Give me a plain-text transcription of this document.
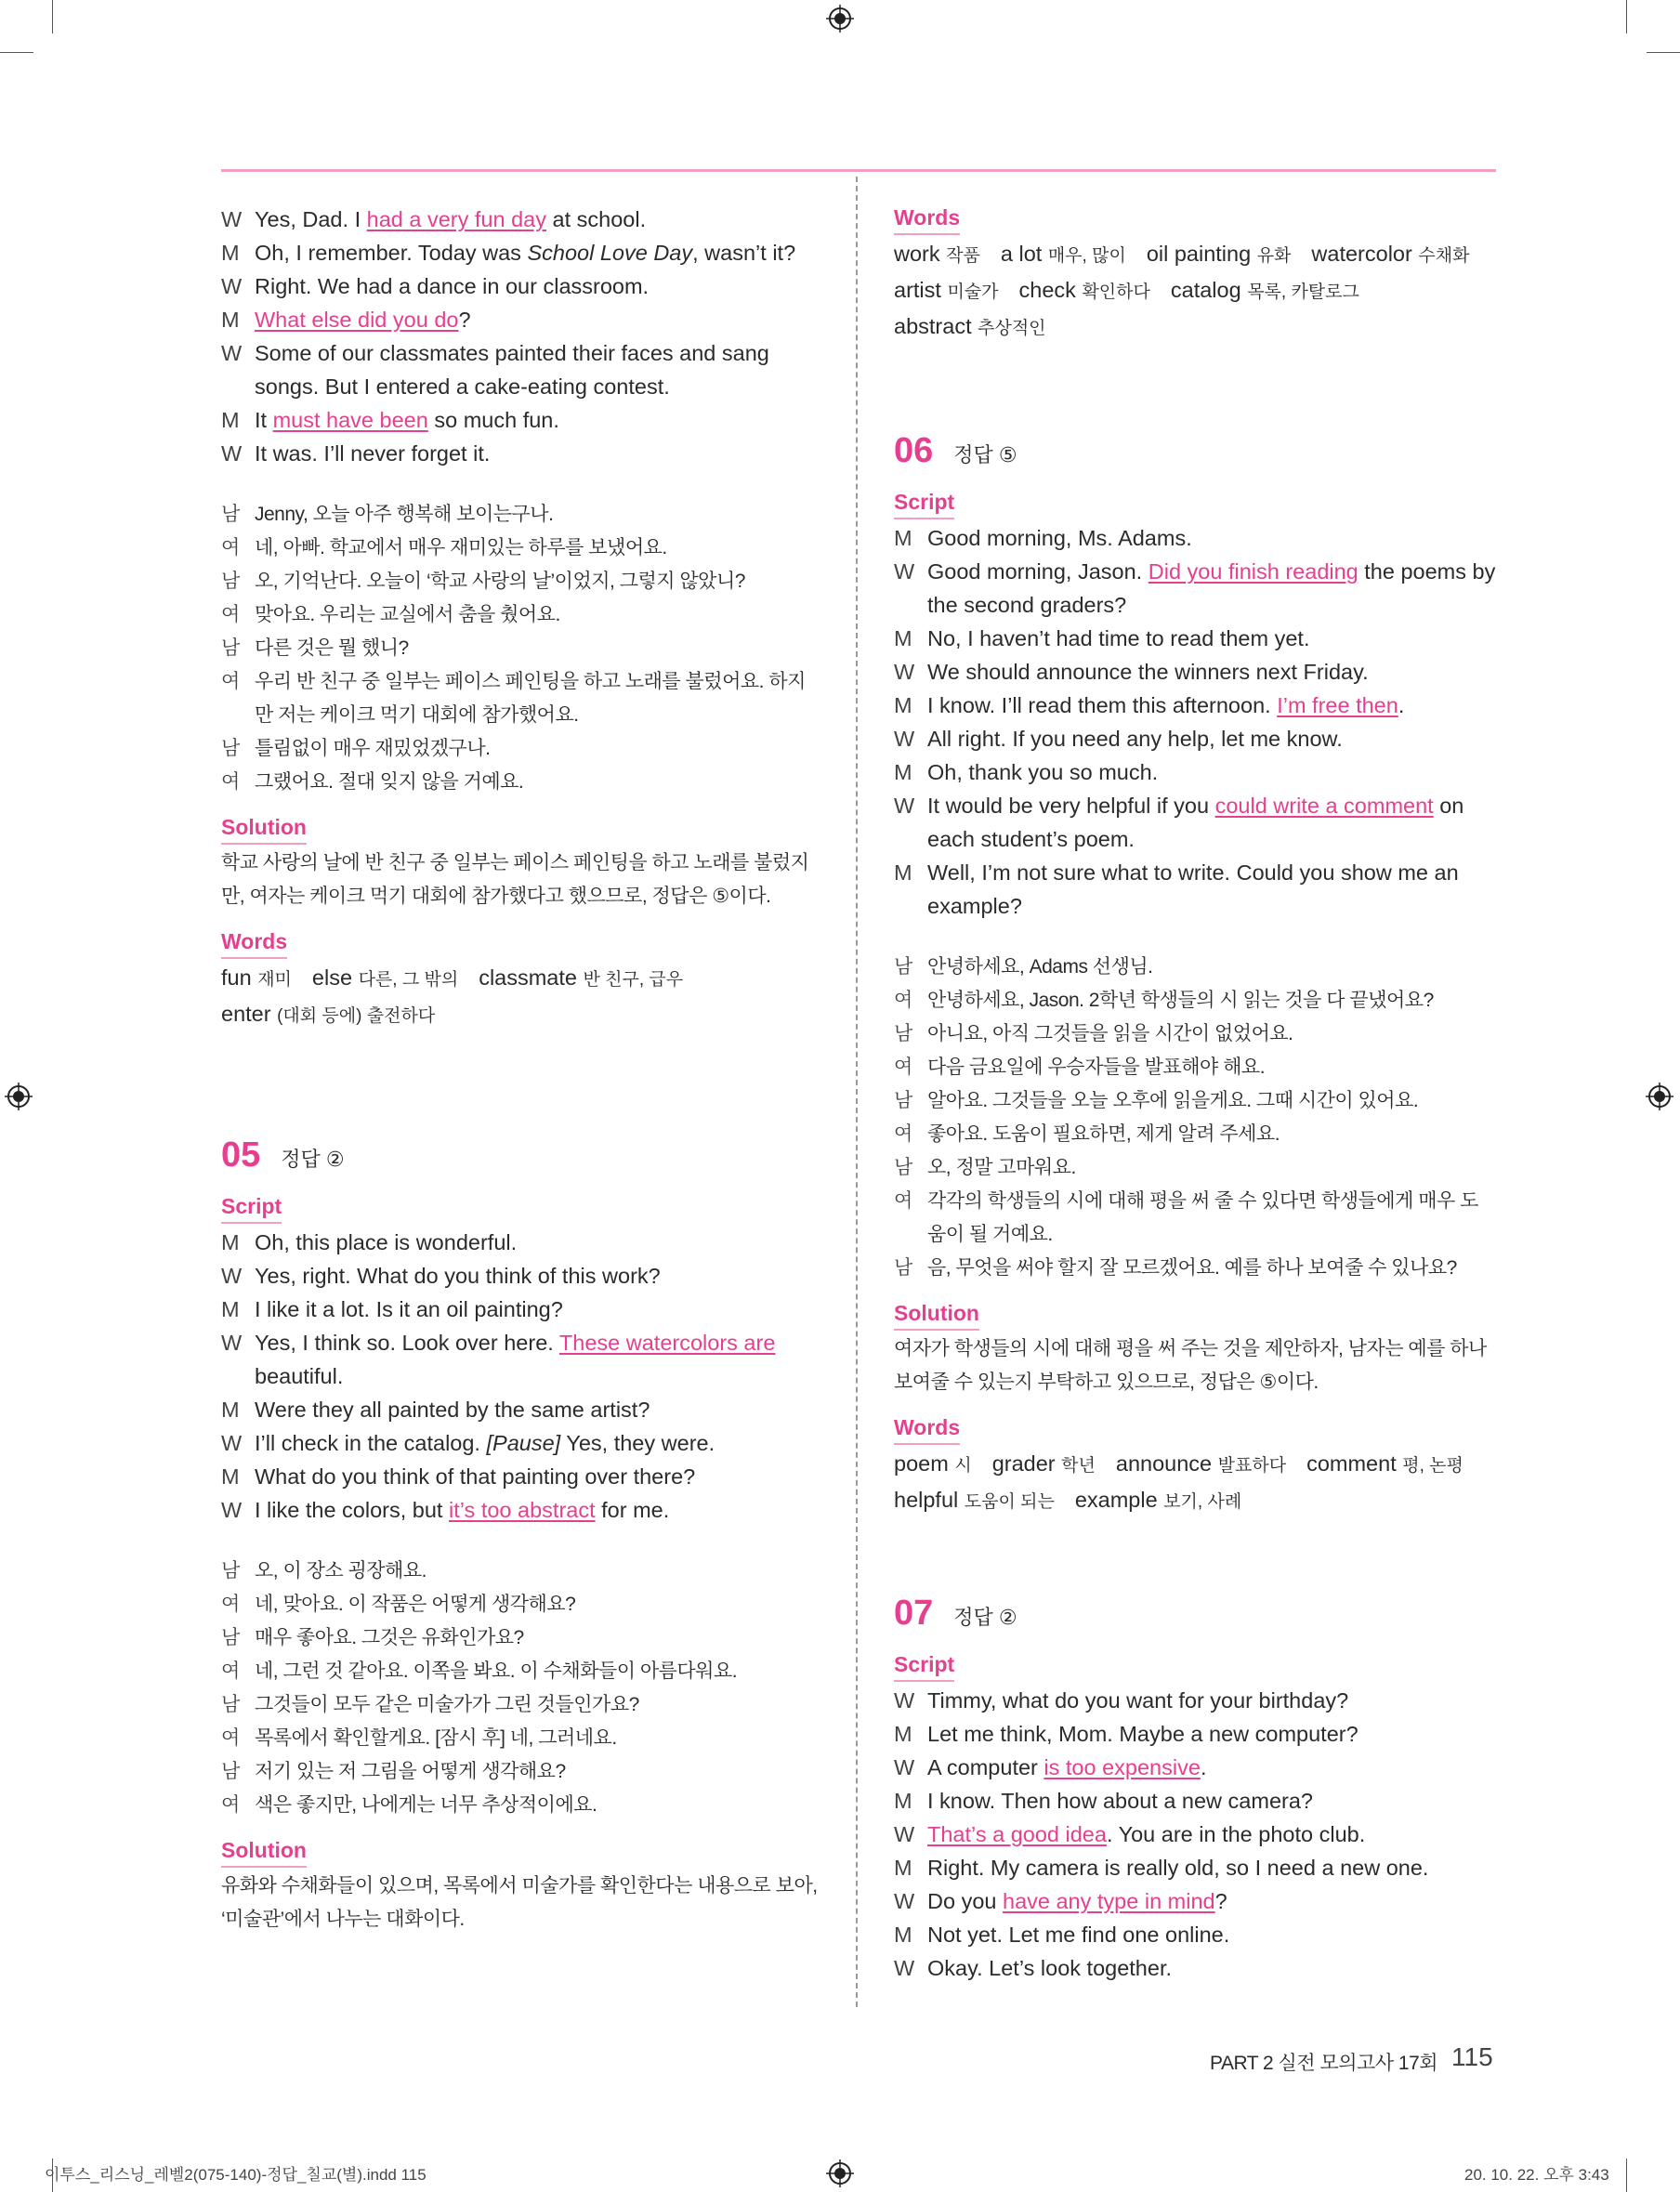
W Yes, Dad. I had a very fun day at school.
M Oh, I remember. Today was School Love Day, wasn’t it?
W Right. We had a dance in our classroom.
M What else did you do?
W Some of our classmates painted their faces and sang songs. But I entered a cake-eating contest.
M It must have been so much fun.
W It was. I’ll never forget it.
남 Jenny, 오늘 아주 행복해 보이는구나.
여 네, 아빠. 학교에서 매우 재미있는 하루를 보냈어요.
남 오, 기억난다. 오늘이 ‘학교 사랑의 날’이었지, 그렇지 않았니?
여 맞아요. 우리는 교실에서 춤을 췄어요.
남 다른 것은 뭘 했니?
여 우리 반 친구 중 일부는 페이스 페인팅을 하고 노래를 불렀어요. 하지만 저는 케이크 먹기 대회에 참가했어요.
남 틀림없이 매우 재밌었겠구나.
여 그랬어요. 절대 잊지 않을 거예요.
Solution
학교 사랑의 날에 반 친구 중 일부는 페이스 페인팅을 하고 노래를 불렀지만, 여자는 케이크 먹기 대회에 참가했다고 했으므로, 정답은 ⑤이다.
Words
fun 재미 else 다른, 그 밖의 classmate 반 친구, 급우
enter (대회 등에) 출전하다
05 정답 ②
Script
M Oh, this place is wonderful.
W Yes, right. What do you think of this work?
M I like it a lot. Is it an oil painting?
W Yes, I think so. Look over here. These watercolors are beautiful.
M Were they all painted by the same artist?
W I’ll check in the catalog. [Pause] Yes, they were.
M What do you think of that painting over there?
W I like the colors, but it’s too abstract for me.
남 오, 이 장소 굉장해요.
여 네, 맞아요. 이 작품은 어떻게 생각해요?
남 매우 좋아요. 그것은 유화인가요?
여 네, 그런 것 같아요. 이쪽을 봐요. 이 수채화들이 아름다워요.
남 그것들이 모두 같은 미술가가 그린 것들인가요?
여 목록에서 확인할게요. [잠시 후] 네, 그러네요.
남 저기 있는 저 그림을 어떻게 생각해요?
여 색은 좋지만, 나에게는 너무 추상적이에요.
Solution
유화와 수채화들이 있으며, 목록에서 미술가를 확인한다는 내용으로 보아, ‘미술관’에서 나누는 대화이다.
Words
work 작품 a lot 매우, 많이 oil painting 유화 watercolor 수채화
artist 미술가 check 확인하다 catalog 목록, 카탈로그
abstract 추상적인
06 정답 ⑤
Script
M Good morning, Ms. Adams.
W Good morning, Jason. Did you finish reading the poems by the second graders?
M No, I haven’t had time to read them yet.
W We should announce the winners next Friday.
M I know. I’ll read them this afternoon. I’m free then.
W All right. If you need any help, let me know.
M Oh, thank you so much.
W It would be very helpful if you could write a comment on each student’s poem.
M Well, I’m not sure what to write. Could you show me an example?
남 안녕하세요, Adams 선생님.
여 안녕하세요, Jason. 2학년 학생들의 시 읽는 것을 다 끝냈어요?
남 아니요, 아직 그것들을 읽을 시간이 없었어요.
여 다음 금요일에 우승자들을 발표해야 해요.
남 알아요. 그것들을 오늘 오후에 읽을게요. 그때 시간이 있어요.
여 좋아요. 도움이 필요하면, 제게 알려 주세요.
남 오, 정말 고마워요.
여 각각의 학생들의 시에 대해 평을 써 줄 수 있다면 학생들에게 매우 도움이 될 거예요.
남 음, 무엇을 써야 할지 잘 모르겠어요. 예를 하나 보여줄 수 있나요?
Solution
여자가 학생들의 시에 대해 평을 써 주는 것을 제안하자, 남자는 예를 하나 보여줄 수 있는지 부탁하고 있으므로, 정답은 ⑤이다.
Words
poem 시 grader 학년 announce 발표하다 comment 평, 논평
helpful 도움이 되는 example 보기, 사례
07 정답 ②
Script
W Timmy, what do you want for your birthday?
M Let me think, Mom. Maybe a new computer?
W A computer is too expensive.
M I know. Then how about a new camera?
W That’s a good idea. You are in the photo club.
M Right. My camera is really old, so I need a new one.
W Do you have any type in mind?
M Not yet. Let me find one online.
W Okay. Let’s look together.
PART 2 실전 모의고사 17회 115
이투스_리스닝_레벨2(075-140)-정답_칠교(별).indd 115	20. 10. 22. 오후 3:43
